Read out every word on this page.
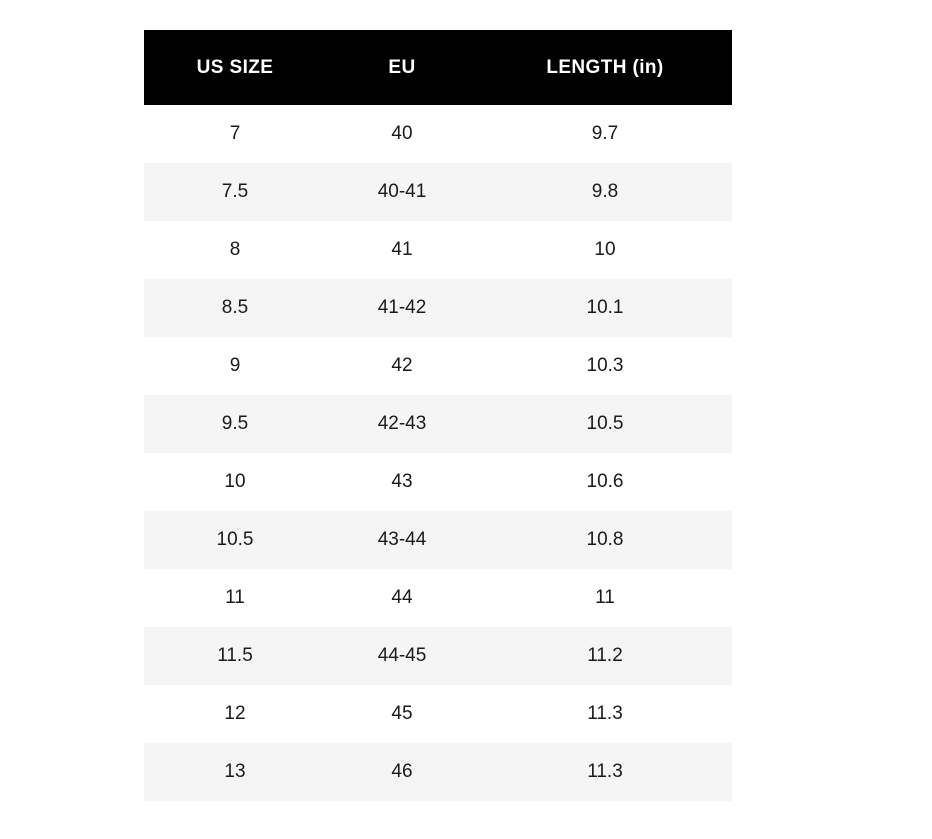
US SIZE	EU	LENGTH (in)
7	40	9.7
7.5	40-41	9.8
8	41	10
8.5	41-42	10.1
9	42	10.3
9.5	42-43	10.5
10	43	10.6
10.5	43-44	10.8
11	44	11
11.5	44-45	11.2
12	45	11.3
13	46	11.3
